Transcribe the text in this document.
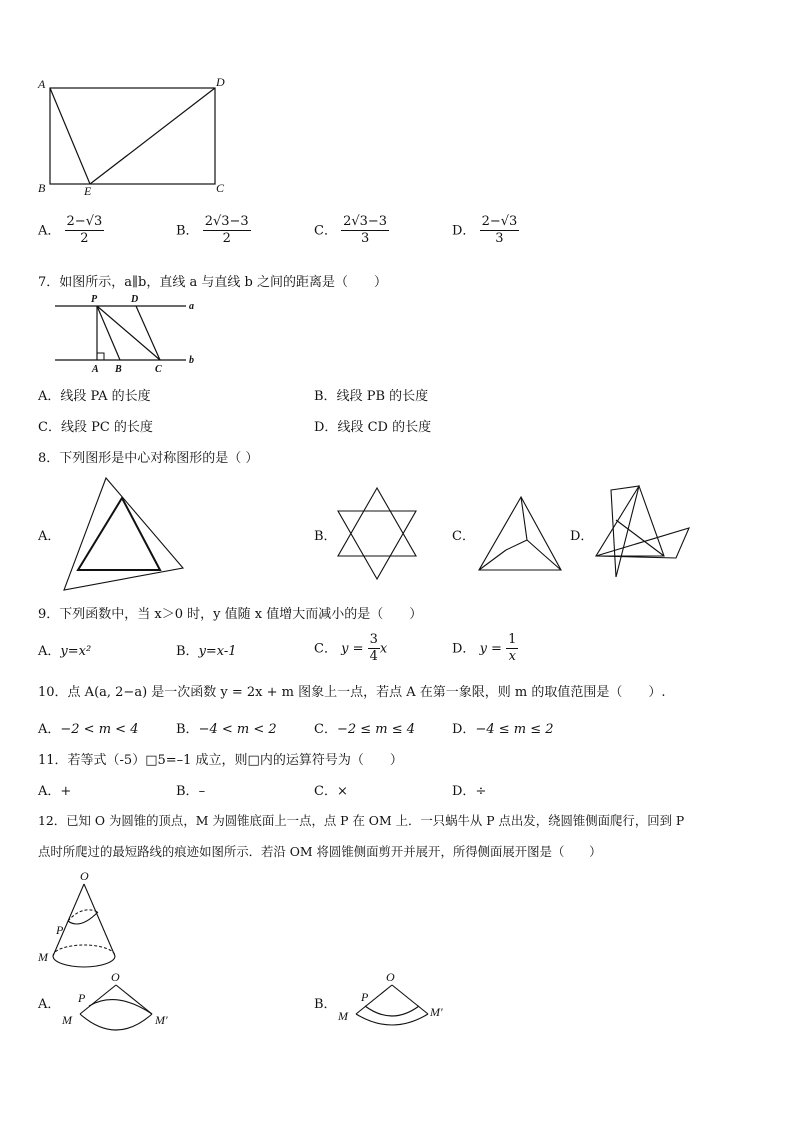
A	D
B	E	C
A． $\frac{2-√3}{2}$	B． $\frac{2√3-3}{2}$	C． $\frac{2√3-3}{3}$	D． $\frac{2-√3}{3}$
7．如图所示，a∥b，直线 a 与直线 b 之间的距离是（　　）
P	D
a
A B	C
b
A．线段 PA 的长度	B．线段 PB 的长度
C．线段 PC 的长度	D．线段 CD 的长度
8．下列图形是中心对称图形的是（ ）
A．	B．	C．	D．
9．下列函数中，当 x＞0 时，y 值随 x 值增大而减小的是（　　）
A．y=x²	B．y=x-1	C． $y = \frac{3}{4}$ x	D． $y = \frac{1}{x}$
10．点 A(a, 2−a) 是一次函数 y = 2x + m 图象上一点，若点 A 在第一象限，则 m 的取值范围是（　　）.
A．−2 < m < 4	B．−4 < m < 2	C．−2 ≤ m ≤ 4	D．−4 ≤ m ≤ 2
11．若等式（-5）□5=–1 成立，则□内的运算符号为（　　）
A．+	B．–	C．×	D．÷
12．已知 O 为圆锥的顶点，M 为圆锥底面上一点，点 P 在 OM 上．一只蜗牛从 P 点出发，绕圆锥侧面爬行，回到 P
点时所爬过的最短路线的痕迹如图所示．若沿 OM 将圆锥侧面剪开并展开，所得侧面展开图是（　　）
O
P
M
O
P
M	M′
O
P
M	M′
A．	B．
